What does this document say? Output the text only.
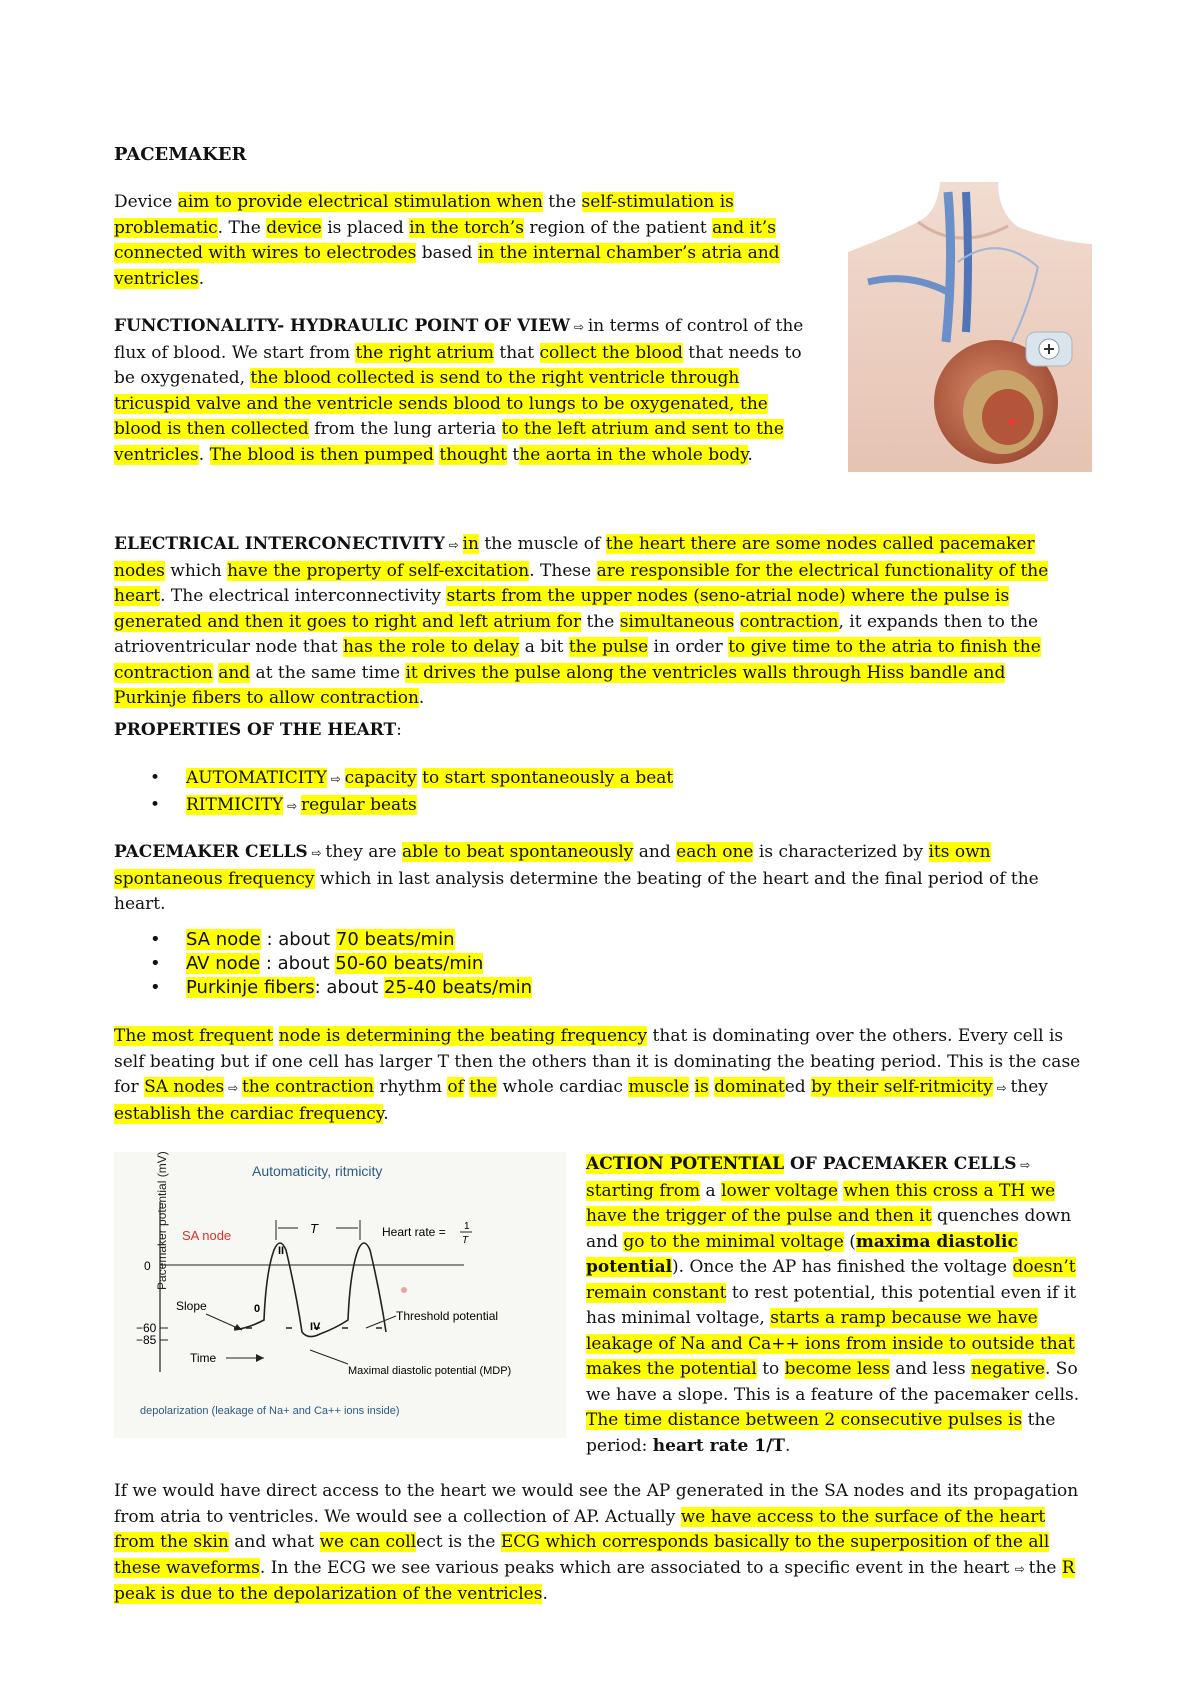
PACEMAKER

Device aim to provide electrical stimulation when the self-stimulation is problematic. The device is placed in the torch’s region of the patient and it’s connected with wires to electrodes based in the internal chamber’s atria and ventricles.

FUNCTIONALITY- HYDRAULIC POINT OF VIEW ⇨ in terms of control of the flux of blood. We start from the right atrium that collect the blood that needs to be oxygenated, the blood collected is send to the right ventricle through tricuspid valve and the ventricle sends blood to lungs to be oxygenated, the blood is then collected from the lung arteria to the left atrium and sent to the ventricles. The blood is then pumped thought the aorta in the whole body.

ELECTRICAL INTERCONECTIVITY ⇨ in the muscle of the heart there are some nodes called pacemaker nodes which have the property of self-excitation. These are responsible for the electrical functionality of the heart. The electrical interconnectivity starts from the upper nodes (seno-atrial node) where the pulse is generated and then it goes to right and left atrium for the simultaneous contraction, it expands then to the atrioventricular node that has the role to delay a bit the pulse in order to give time to the atria to finish the contraction and at the same time it drives the pulse along the ventricles walls through Hiss bandle and Purkinje fibers to allow contraction.

PROPERTIES OF THE HEART:

• AUTOMATICITY ⇨ capacity to start spontaneously a beat
• RITMICITY ⇨ regular beats

PACEMAKER CELLS ⇨ they are able to beat spontaneously and each one is characterized by its own spontaneous frequency which in last analysis determine the beating of the heart and the final period of the heart.

• SA node : about 70 beats/min
• AV node : about 50-60 beats/min
• Purkinje fibers: about 25-40 beats/min

The most frequent node is determining the beating frequency that is dominating over the others. Every cell is self beating but if one cell has larger T then the others than it is dominating the beating period. This is the case for SA nodes ⇨ the contraction rhythm of the whole cardiac muscle is dominated by their self-ritmicity ⇨ they establish the cardiac frequency.

Automaticity, ritmicity
Pacemaker potential (mV) SA node
0
−60
−85
T	Heart rate = 1
T
II
0
IV
Slope
Threshold potential
Time
Maximal diastolic potential (MDP)
depolarization (leakage of Na+ and Ca++ ions inside)

ACTION POTENTIAL OF PACEMAKER CELLS ⇨ starting from a lower voltage when this cross a TH we have the trigger of the pulse and then it quenches down and go to the minimal voltage (maxima diastolic potential). Once the AP has finished the voltage doesn’t remain constant to rest potential, this potential even if it has minimal voltage, starts a ramp because we have leakage of Na and Ca++ ions from inside to outside that makes the potential to become less and less negative. So we have a slope. This is a feature of the pacemaker cells. The time distance between 2 consecutive pulses is the period: heart rate 1/T.

If we would have direct access to the heart we would see the AP generated in the SA nodes and its propagation from atria to ventricles. We would see a collection of AP. Actually we have access to the surface of the heart from the skin and what we can collect is the ECG which corresponds basically to the superposition of the all these waveforms. In the ECG we see various peaks which are associated to a specific event in the heart ⇨ the R peak is due to the depolarization of the ventricles.
